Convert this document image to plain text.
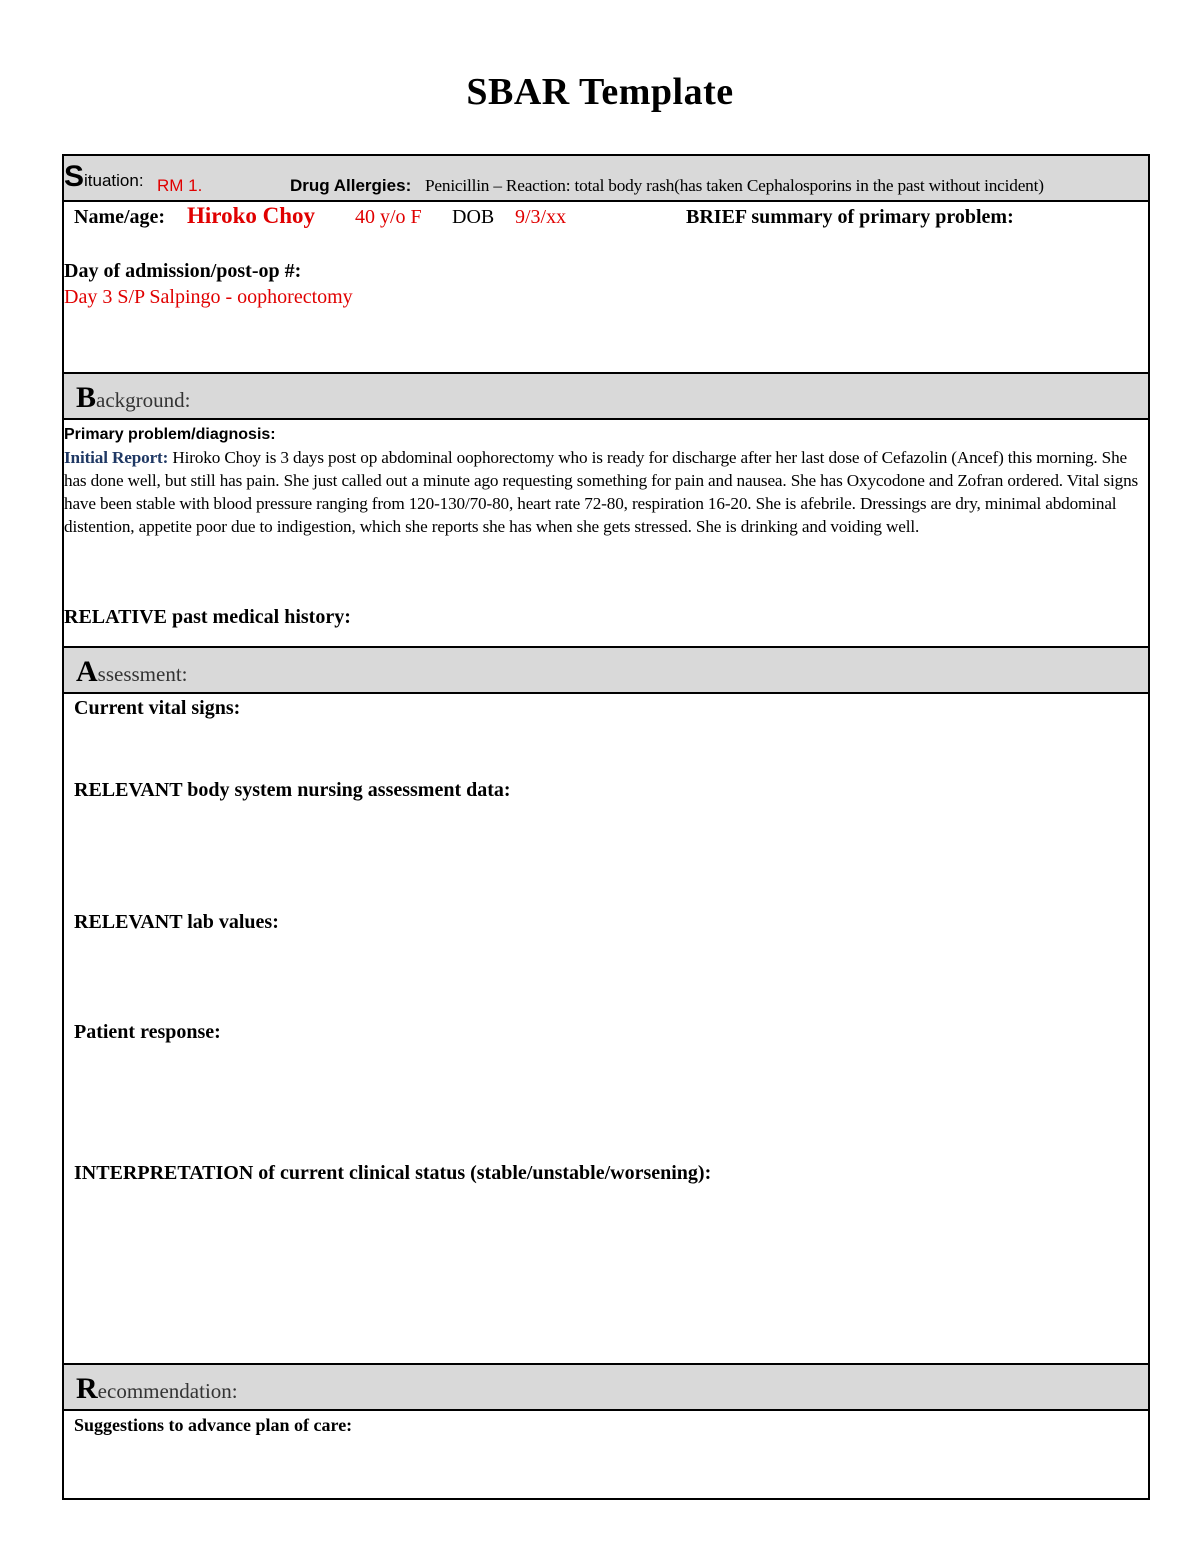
SBAR Template
Situation: RM 1.	Drug Allergies: Penicillin – Reaction: total body rash(has taken Cephalosporins in the past without incident)
Name/age: Hiroko Choy 40 y/o F DOB 9/3/xx	BRIEF summary of primary problem:
Day of admission/post-op #:
Day 3 S/P Salpingo - oophorectomy
Background:
Primary problem/diagnosis:
Initial Report: Hiroko Choy is 3 days post op abdominal oophorectomy who is ready for discharge after her last dose of Cefazolin (Ancef) this morning. She has done well, but still has pain. She just called out a minute ago requesting something for pain and nausea. She has Oxycodone and Zofran ordered. Vital signs have been stable with blood pressure ranging from 120-130/70-80, heart rate 72-80, respiration 16-20. She is afebrile. Dressings are dry, minimal abdominal distention, appetite poor due to indigestion, which she reports she has when she gets stressed. She is drinking and voiding well.
RELATIVE past medical history:
Assessment:
Current vital signs:
RELEVANT body system nursing assessment data:
RELEVANT lab values:
Patient response:
INTERPRETATION of current clinical status (stable/unstable/worsening):
Recommendation:
Suggestions to advance plan of care:
